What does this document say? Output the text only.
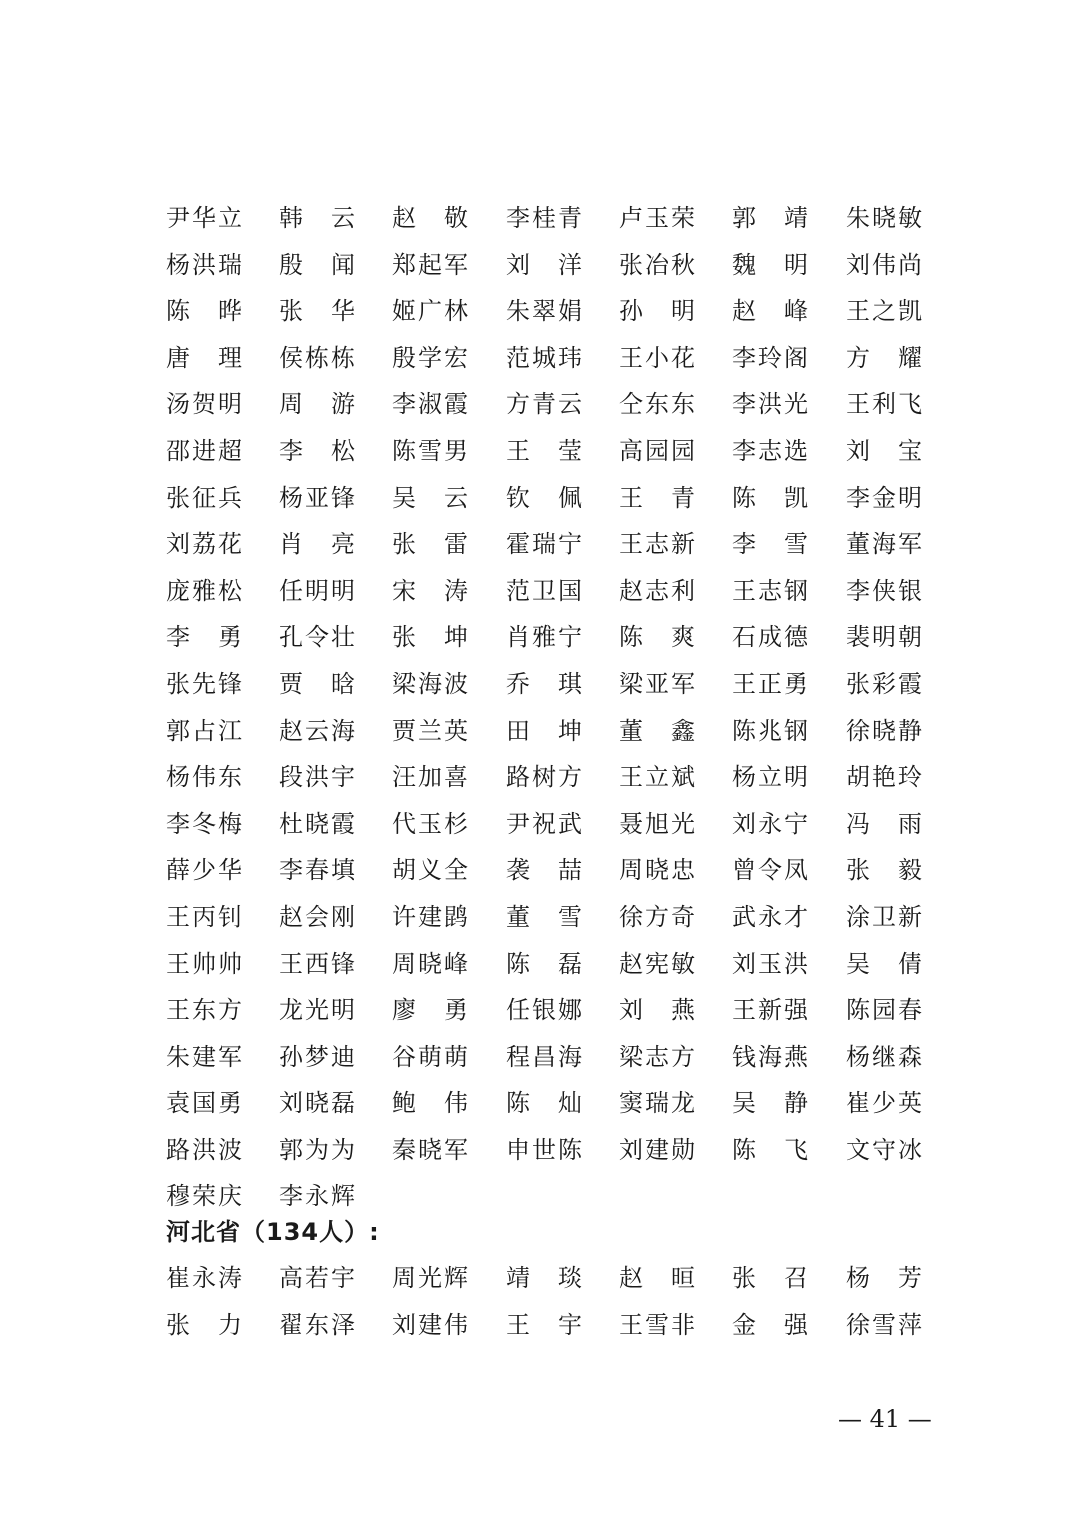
尹 华 立 韩 云 赵 敬 李 桂 青 卢 玉 荣 郭 靖 朱 晓 敏
杨 洪 瑞 殷 闻 郑 起 军 刘 洋 张 冶 秋 魏 明 刘 伟 尚
陈 晔 张 华 姬 广 林 朱 翠 娟 孙 明 赵 峰 王 之 凯
唐 理 侯 栋 栋 殷 学 宏 范 城 玮 王 小 花 李 玲 阁 方 耀
汤 贺 明 周 游 李 淑 霞 方 青 云 仝 东 东 李 洪 光 王 利 飞
邵 进 超 李 松 陈 雪 男 王 莹 高 园 园 李 志 选 刘 宝
张 征 兵 杨 亚 锋 吴 云 钦 佩 王 青 陈 凯 李 金 明
刘 荔 花 肖 亮 张 雷 霍 瑞 宁 王 志 新 李 雪 董 海 军
庞 雅 松 任 明 明 宋 涛 范 卫 国 赵 志 利 王 志 钢 李 侠 银
李 勇 孔 令 壮 张 坤 肖 雅 宁 陈 爽 石 成 德 裴 明 朝
张 先 锋 贾 晗 梁 海 波 乔 琪 梁 亚 军 王 正 勇 张 彩 霞
郭 占 江 赵 云 海 贾 兰 英 田 坤 董 鑫 陈 兆 钢 徐 晓 静
杨 伟 东 段 洪 宇 汪 加 喜 路 树 方 王 立 斌 杨 立 明 胡 艳 玲
李 冬 梅 杜 晓 霞 代 玉 杉 尹 祝 武 聂 旭 光 刘 永 宁 冯 雨
薛 少 华 李 春 填 胡 义 全 袭 喆 周 晓 忠 曾 令 凤 张 毅
王 丙 钊 赵 会 刚 许 建 鹍 董 雪 徐 方 奇 武 永 才 涂 卫 新
王 帅 帅 王 西 锋 周 晓 峰 陈 磊 赵 宪 敏 刘 玉 洪 吴 倩
王 东 方 龙 光 明 廖 勇 任 银 娜 刘 燕 王 新 强 陈 园 春
朱 建 军 孙 梦 迪 谷 萌 萌 程 昌 海 梁 志 方 钱 海 燕 杨 继 森
袁 国 勇 刘 晓 磊 鲍 伟 陈 灿 窦 瑞 龙 吴 静 崔 少 英
路 洪 波 郭 为 为 秦 晓 军 申 世 陈 刘 建 勋 陈 飞 文 守 冰
穆 荣 庆 李 永 辉
河北省（134人）:
崔 永 涛 高 若 宇 周 光 辉 靖 琰 赵 晅 张 召 杨 芳
张 力 翟 东 泽 刘 建 伟 王 宇 王 雪 非 金 强 徐 雪 萍
— 41 —
